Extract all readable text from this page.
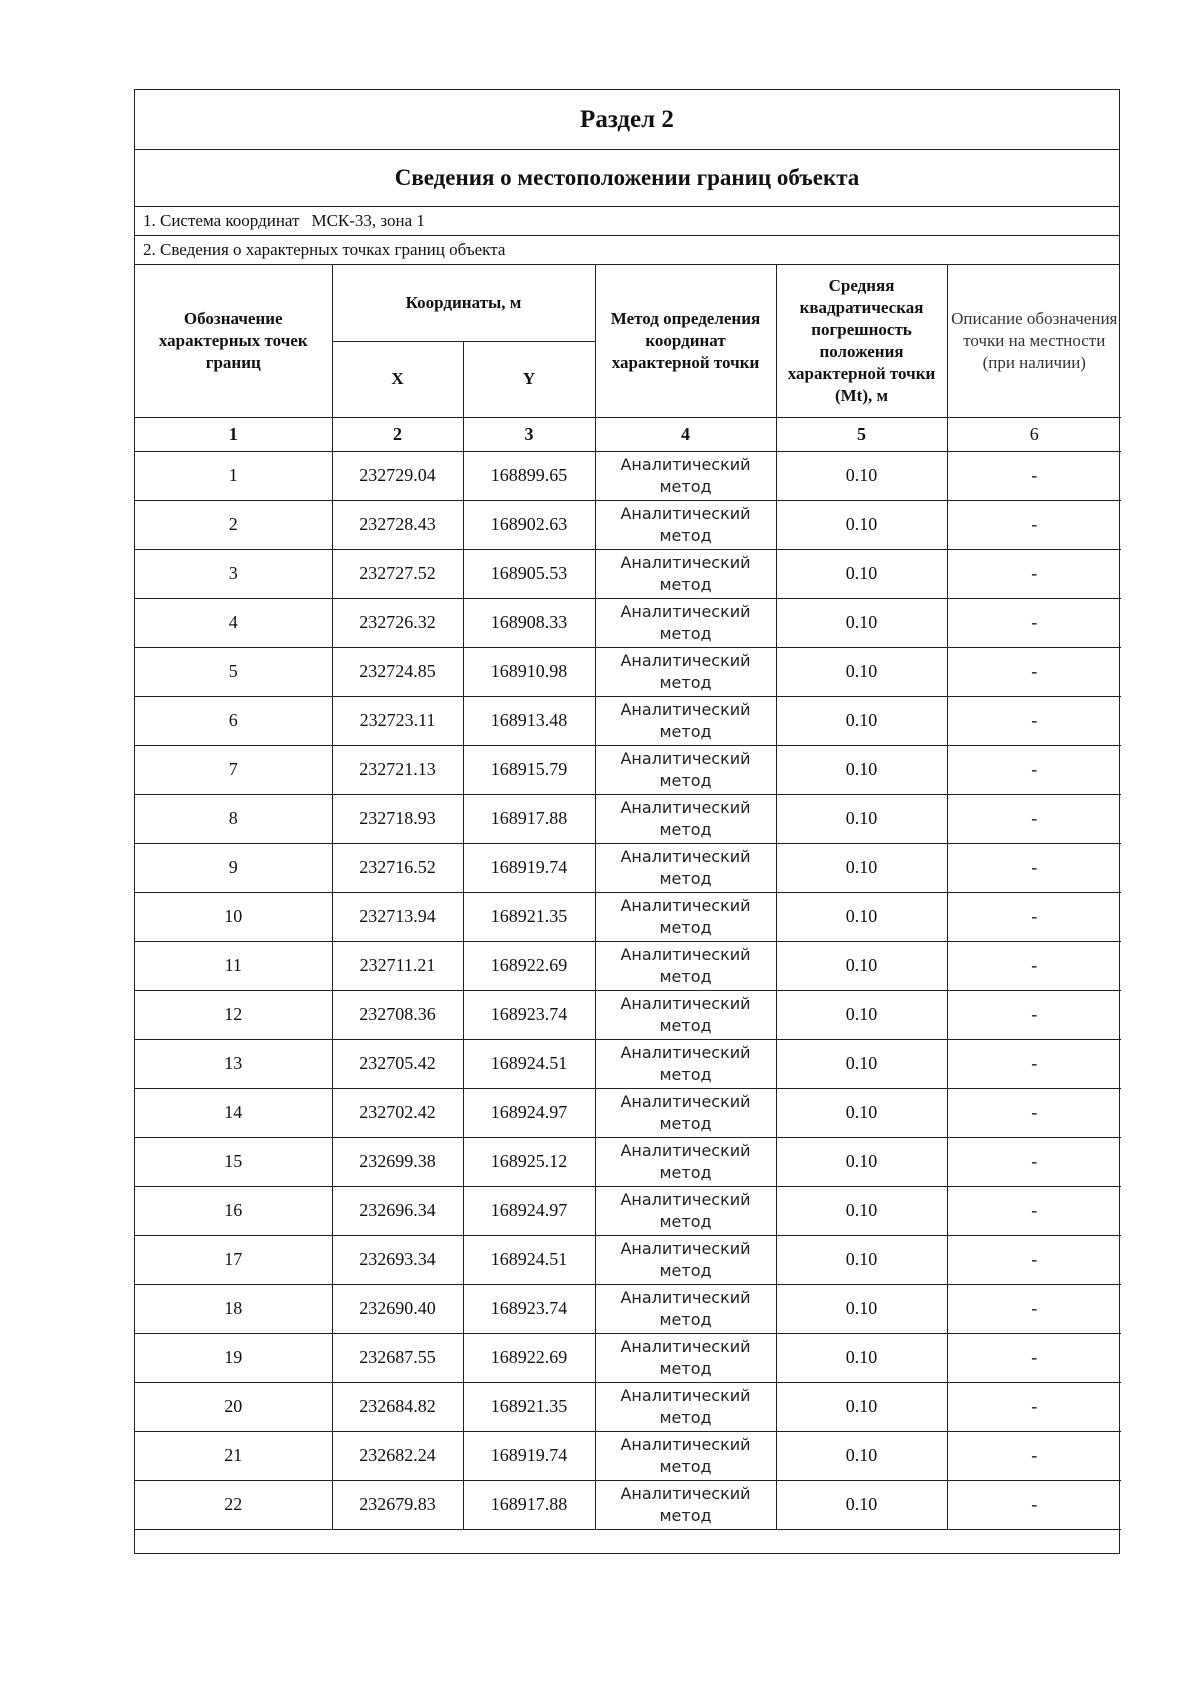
Раздел 2
Сведения о местоположении границ объекта
1. Система координат МСК-33, зона 1
2. Сведения о характерных точках границ объекта
Обозначение характерных точек границ	Координаты, м		Метод определения координат характерной точки	Средняя квадратическая погрешность положения характерной точки (Mt), м	Описание обозначения точки на местности (при наличии)
	X	Y			
1	2	3	4	5	6
1	232729.04	168899.65	Аналитический метод	0.10	-
2	232728.43	168902.63	Аналитический метод	0.10	-
3	232727.52	168905.53	Аналитический метод	0.10	-
4	232726.32	168908.33	Аналитический метод	0.10	-
5	232724.85	168910.98	Аналитический метод	0.10	-
6	232723.11	168913.48	Аналитический метод	0.10	-
7	232721.13	168915.79	Аналитический метод	0.10	-
8	232718.93	168917.88	Аналитический метод	0.10	-
9	232716.52	168919.74	Аналитический метод	0.10	-
10	232713.94	168921.35	Аналитический метод	0.10	-
11	232711.21	168922.69	Аналитический метод	0.10	-
12	232708.36	168923.74	Аналитический метод	0.10	-
13	232705.42	168924.51	Аналитический метод	0.10	-
14	232702.42	168924.97	Аналитический метод	0.10	-
15	232699.38	168925.12	Аналитический метод	0.10	-
16	232696.34	168924.97	Аналитический метод	0.10	-
17	232693.34	168924.51	Аналитический метод	0.10	-
18	232690.40	168923.74	Аналитический метод	0.10	-
19	232687.55	168922.69	Аналитический метод	0.10	-
20	232684.82	168921.35	Аналитический метод	0.10	-
21	232682.24	168919.74	Аналитический метод	0.10	-
22	232679.83	168917.88	Аналитический метод	0.10	-
